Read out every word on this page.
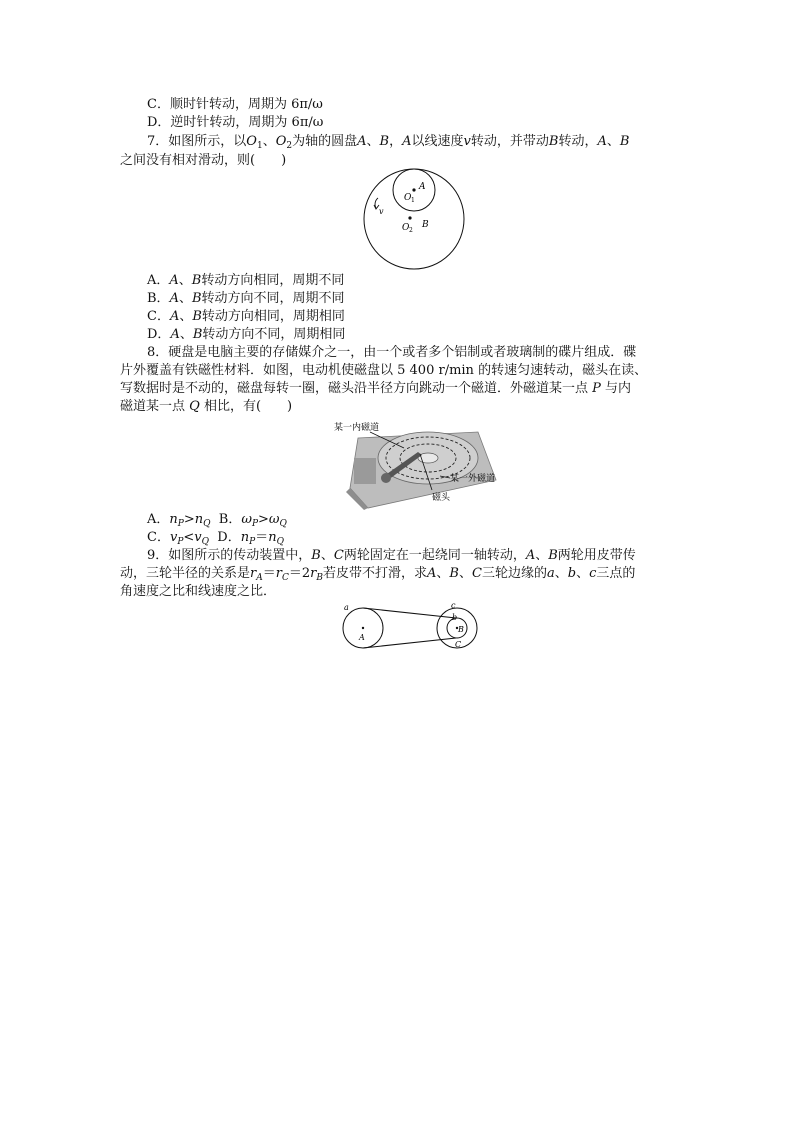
C．顺时针转动，周期为 6π/ω
D．逆时针转动，周期为 6π/ω
7．如图所示，以$O_1$、$O_2$为轴的圆盘A、B，A以线速度v转动，并带动B转动，A、B
之间没有相对滑动，则(　　)
A
O 1
O 2
B
v
A．A、B转动方向相同，周期不同
B．A、B转动方向不同，周期不同
C．A、B转动方向相同，周期相同
D．A、B转动方向不同，周期相同
8．硬盘是电脑主要的存储媒介之一，由一个或者多个铝制或者玻璃制的碟片组成．碟
片外覆盖有铁磁性材料．如图，电动机使磁盘以 5 400 r/min 的转速匀速转动，磁头在读、
写数据时是不动的，磁盘每转一圈，磁头沿半径方向跳动一个磁道．外磁道某一点 P 与内
磁道某一点 Q 相比，有(　　)
某一内磁道
某一外磁道
磁头
A．$n_P>n_Q$ B．$\omega_P>\omega_Q$
C．$v_P<v_Q$ D．$n_P=n_Q$
9．如图所示的传动装置中，B、C两轮固定在一起绕同一轴转动，A、B两轮用皮带传
动，三轮半径的关系是$r_A=r_C=2r_B$若皮带不打滑，求A、B、C三轮边缘的a、b、c三点的
角速度之比和线速度之比．
a
A
c
b
B
C
